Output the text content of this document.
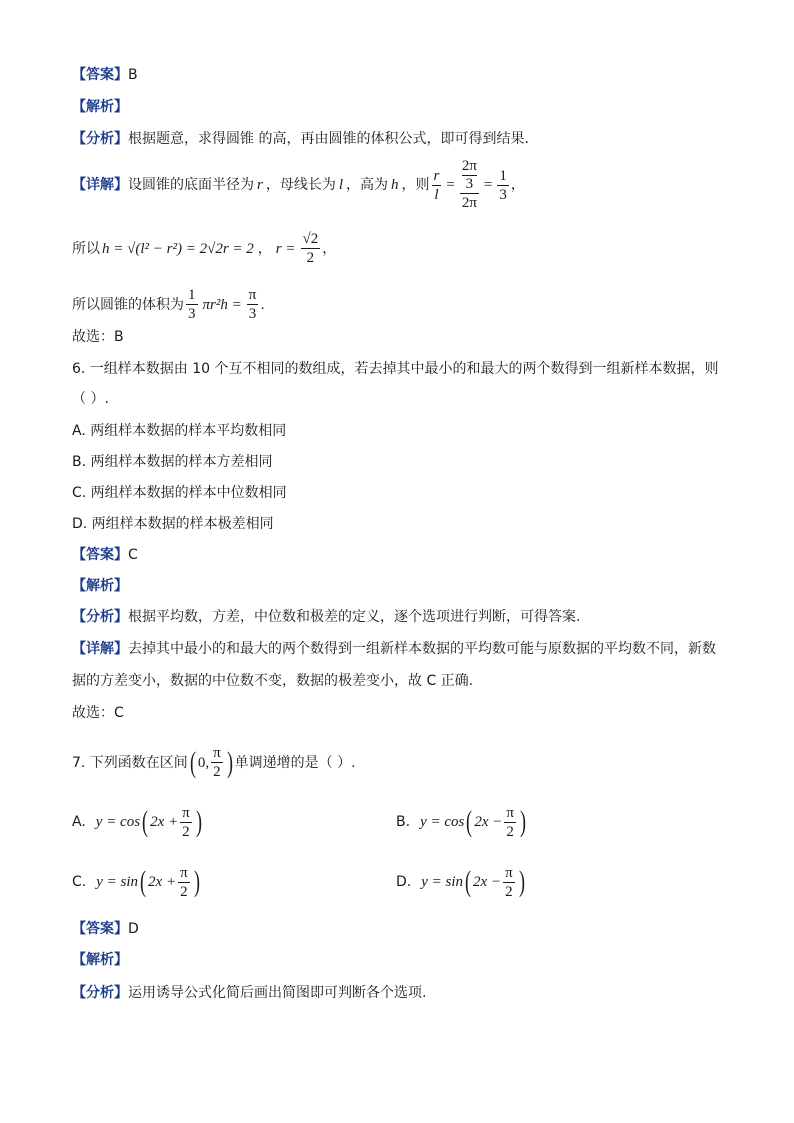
【答案】B
【解析】
【分析】根据题意，求得圆锥 的高，再由圆锥的体积公式，即可得到结果.
【详解】 设圆锥的底面半径为 r ，母线长为 l ，高为 h ，则 $\frac{r}{l} = 2\pi$
3
$2\pi = \frac{1}{3}$ ，
所以 h = √(l² − r²) = 2√2r = 2 ， $r = \frac{√2}{2}$ ，
所以圆锥的体积为 $\frac{1}{3} \pi r^2h = \frac{\pi}{3}$ .
故选：B
6. 一组样本数据由 10 个互不相同的数组成，若去掉其中最小的和最大的两个数得到一组新样本数据，则
（ ）.
A. 两组样本数据的样本平均数相同
B. 两组样本数据的样本方差相同
C. 两组样本数据的样本中位数相同
D. 两组样本数据的样本极差相同
【答案】C
【解析】
【分析】根据平均数，方差，中位数和极差的定义，逐个选项进行判断，可得答案.
【详解】去掉其中最小的和最大的两个数得到一组新样本数据的平均数可能与原数据的平均数不同，新数
据的方差变小，数据的中位数不变，数据的极差变小，故 C 正确.
故选：C
7. 下列函数在区间 ( 0, $\frac{\pi}{2}$ ) 单调递增的是（ ）.
A. y = cos ( $2x + \frac{\pi}{2}$ )	B. y = cos ( $2x - \frac{\pi}{2}$ )
C. y = sin ( $2x + \frac{\pi}{2}$ )	D. y = sin ( $2x - \frac{\pi}{2}$ )
【答案】D
【解析】
【分析】运用诱导公式化简后画出简图即可判断各个选项.
